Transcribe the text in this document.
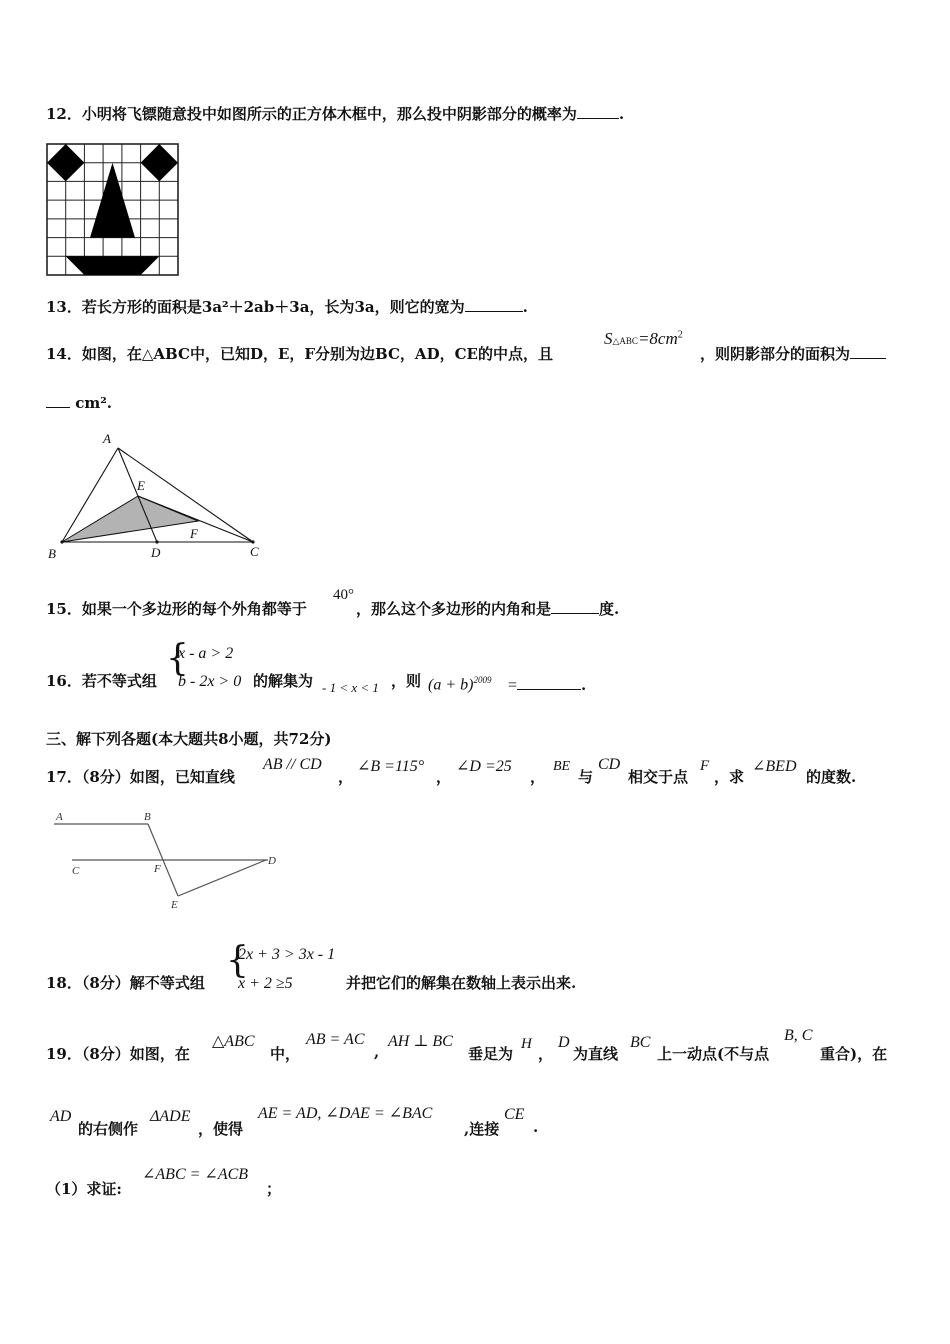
12．小明将飞镖随意投中如图所示的正方体木框中，那么投中阴影部分的概率为	.
13．若长方形的面积是3a²＋2ab＋3a，长为3a，则它的宽为	.
14．如图，在△ABC中，已知D，E，F分别为边BC，AD，CE的中点，且
$S\triangle ABC=8cm^2$
，则阴影部分的面积为
cm².
A
B	C
D
E
F
15．如果一个多边形的每个外角都等于
40°
，那么这个多边形的内角和是	度.
16．若不等式组
{
x - a > 2
b - 2x > 0 的解集为 - 1 < x < 1 ，则 $(a + b)^{2009}$ =	.
三、解下列各题(本大题共8小题，共72分)
17．（8分）如图，已知直线
AB // CD
，
∠B =115°
，
∠D =25
，
BE
与
CD
相交于点
F
，求
∠BED
的度数.
A	B
C
D
E
F
18．（8分）解不等式组
{
2x + 3 > 3x - 1
x + 2 ≥5	并把它们的解集在数轴上表示出来.
19．（8分）如图，在
△ABC
中，
AB = AC
,
AH ⊥ BC
垂足为
H
，
D
为直线
BC
上一动点(不与点
B, C
重合)，在
AD
的右侧作
ΔADE
，使得
AE = AD, ∠DAE = ∠BAC
,连接
CE
.
（1）求证:
∠ABC = ∠ACB
；
